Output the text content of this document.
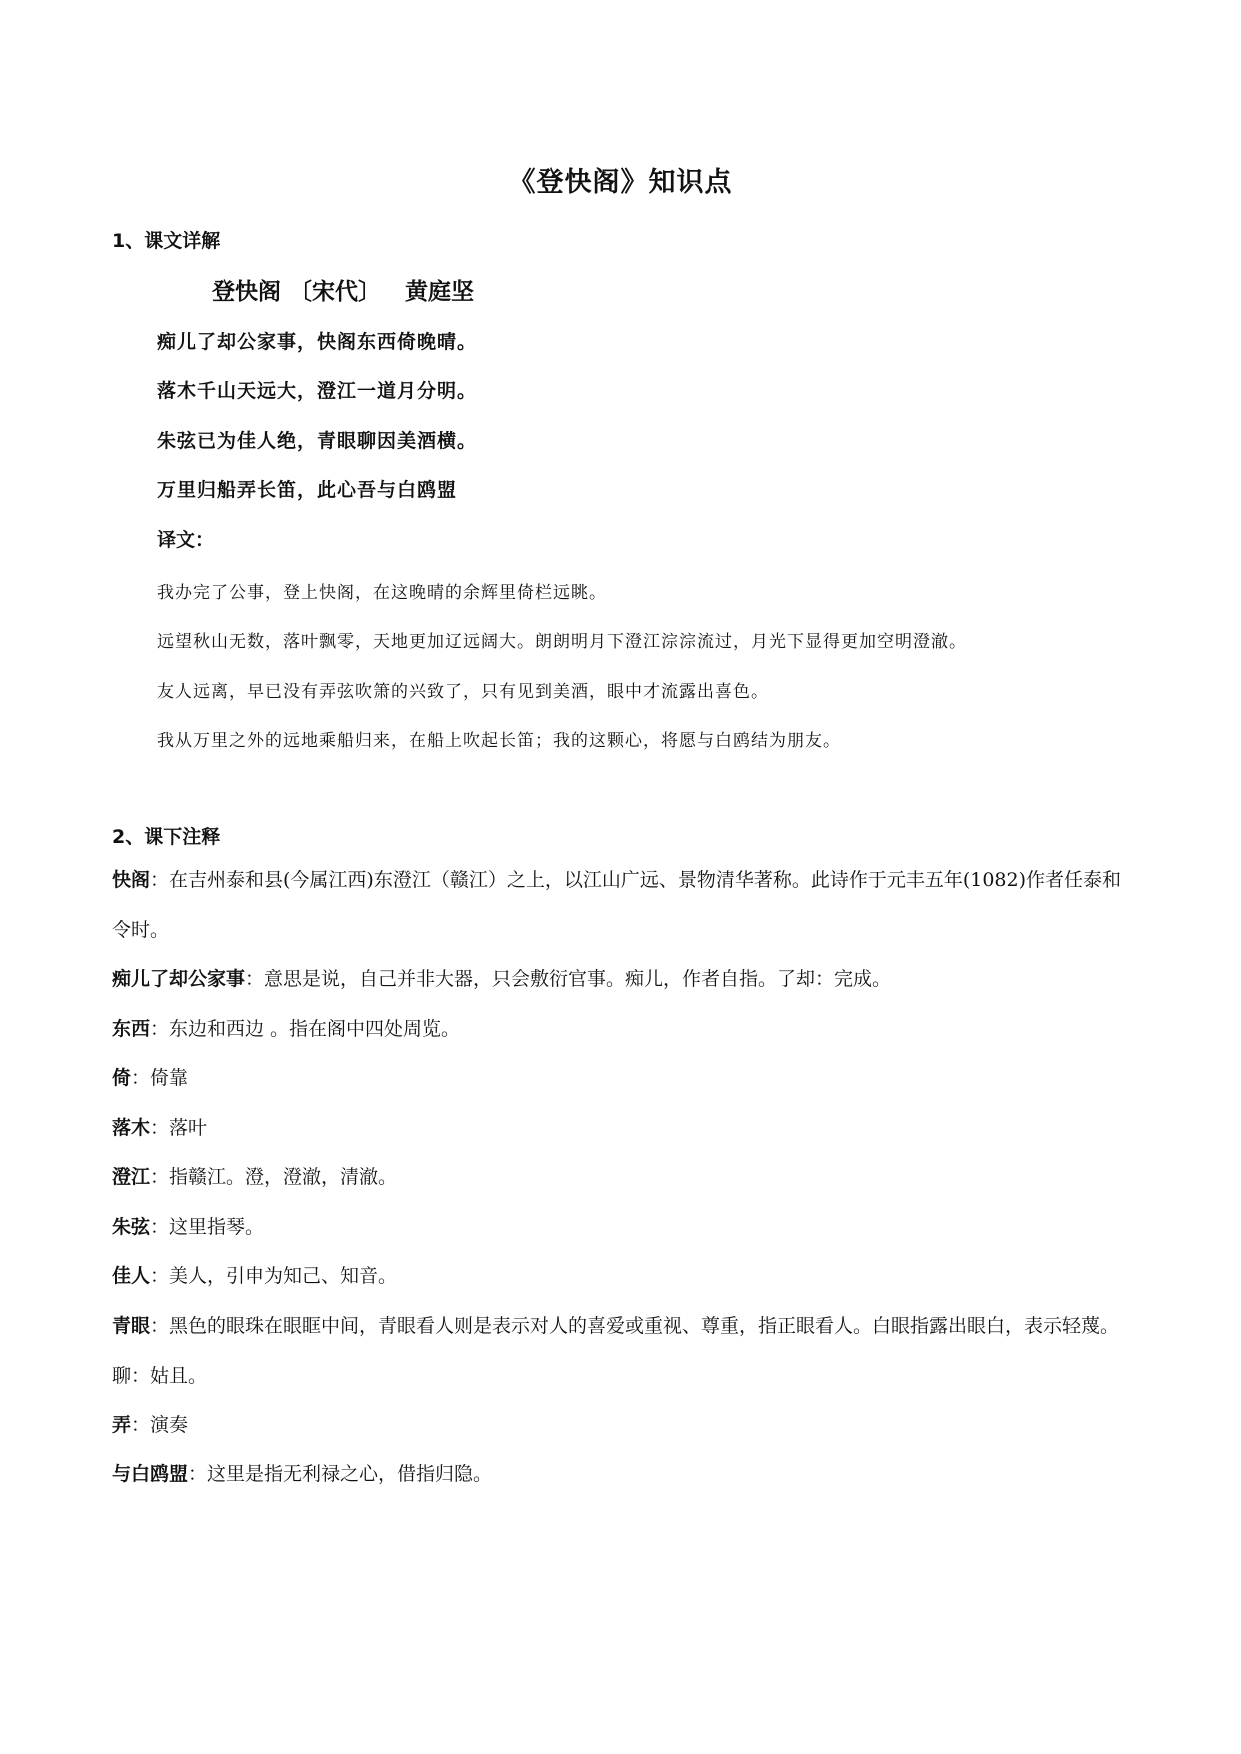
《登快阁》知识点
1、课文详解
登快阁 〔宋代〕 黄庭坚
痴儿了却公家事，快阁东西倚晚晴。
落木千山天远大，澄江一道月分明。
朱弦已为佳人绝，青眼聊因美酒横。
万里归船弄长笛，此心吾与白鸥盟
译文：
我办完了公事，登上快阁，在这晚晴的余辉里倚栏远眺。
远望秋山无数，落叶飘零，天地更加辽远阔大。朗朗明月下澄江淙淙流过，月光下显得更加空明澄澈。
友人远离，早已没有弄弦吹箫的兴致了，只有见到美酒，眼中才流露出喜色。
我从万里之外的远地乘船归来，在船上吹起长笛；我的这颗心，将愿与白鸥结为朋友。
2、课下注释
快阁：在吉州泰和县(今属江西)东澄江（赣江）之上，以江山广远、景物清华著称。此诗作于元丰五年(1082)作者任泰和令时。
痴儿了却公家事：意思是说，自己并非大器，只会敷衍官事。痴儿，作者自指。了却：完成。
东西：东边和西边 。指在阁中四处周览。
倚：倚靠
落木：落叶
澄江：指赣江。澄，澄澈，清澈。
朱弦：这里指琴。
佳人：美人，引申为知己、知音。
青眼：黑色的眼珠在眼眶中间，青眼看人则是表示对人的喜爱或重视、尊重，指正眼看人。白眼指露出眼白，表示轻蔑。聊：姑且。
弄：演奏
与白鸥盟：这里是指无利禄之心，借指归隐。
